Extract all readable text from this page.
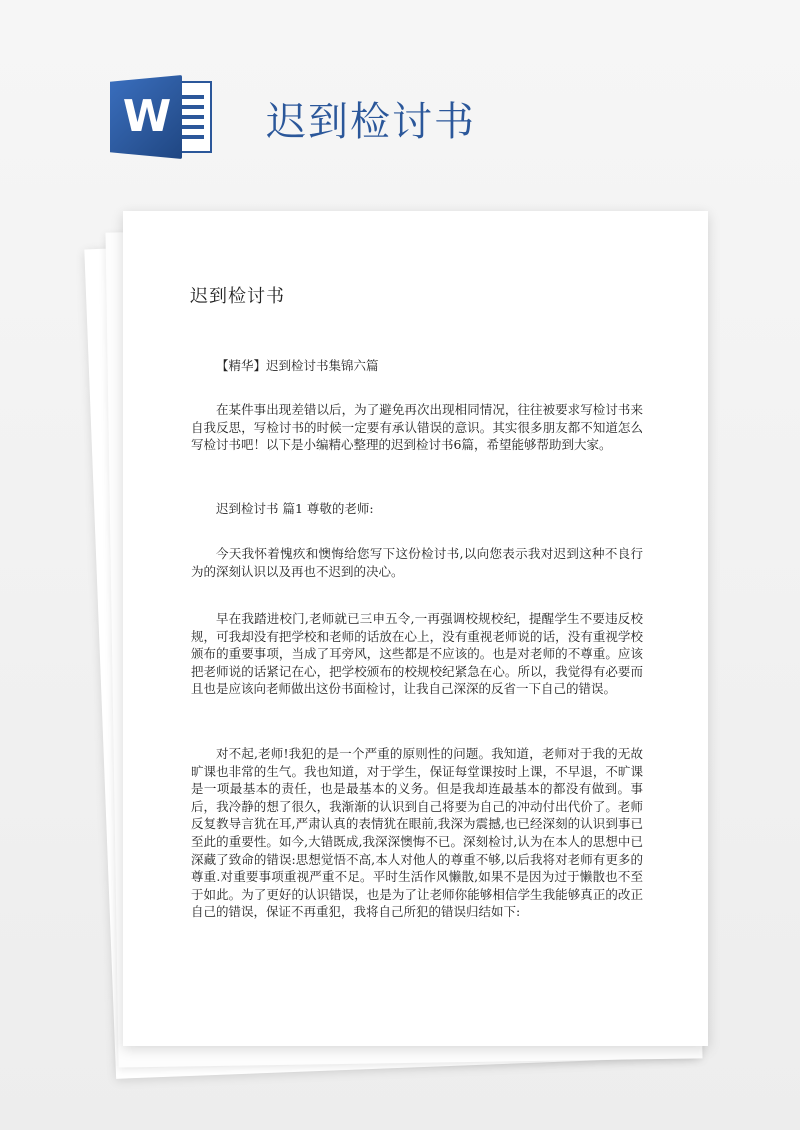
W 迟到检讨书
迟到检讨书
【精华】迟到检讨书集锦六篇

在某件事出现差错以后，为了避免再次出现相同情况，往往被要求写检讨书来自我反思，写检讨书的时候一定要有承认错误的意识。其实很多朋友都不知道怎么写检讨书吧！以下是小编精心整理的迟到检讨书6篇，希望能够帮助到大家。

迟到检讨书 篇1 尊敬的老师:

今天我怀着愧疚和懊悔给您写下这份检讨书,以向您表示我对迟到这种不良行为的深刻认识以及再也不迟到的决心。

早在我踏进校门,老师就已三申五令,一再强调校规校纪，提醒学生不要违反校规，可我却没有把学校和老师的话放在心上，没有重视老师说的话，没有重视学校颁布的重要事项，当成了耳旁风，这些都是不应该的。也是对老师的不尊重。应该把老师说的话紧记在心，把学校颁布的校规校纪紧急在心。所以，我觉得有必要而且也是应该向老师做出这份书面检讨，让我自己深深的反省一下自己的错误。

对不起,老师!我犯的是一个严重的原则性的问题。我知道，老师对于我的无故旷课也非常的生气。我也知道，对于学生，保证每堂课按时上课，不早退，不旷课是一项最基本的责任，也是最基本的义务。但是我却连最基本的都没有做到。事后，我冷静的想了很久，我渐渐的认识到自己将要为自己的冲动付出代价了。老师反复教导言犹在耳,严肃认真的表情犹在眼前,我深为震撼,也已经深刻的认识到事已至此的重要性。如今,大错既成,我深深懊悔不已。深刻检讨,认为在本人的思想中已深藏了致命的错误:思想觉悟不高,本人对他人的尊重不够,以后我将对老师有更多的尊重.对重要事项重视严重不足。平时生活作风懒散,如果不是因为过于懒散也不至于如此。为了更好的认识错误，也是为了让老师你能够相信学生我能够真正的改正自己的错误，保证不再重犯，我将自己所犯的错误归结如下:
